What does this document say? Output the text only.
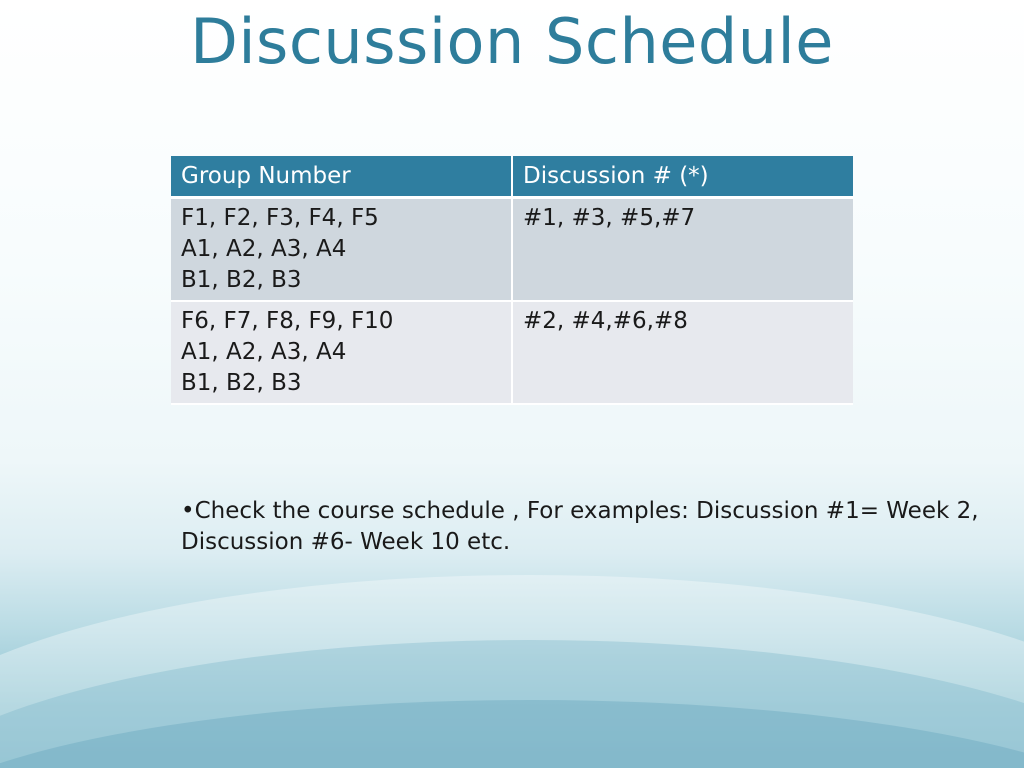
Discussion Schedule
Group Number	Discussion # (*)

F1, F2, F3, F4, F5
A1, A2, A3, A4
B1, B2, B3	#1, #3, #5,#7

F6, F7, F8, F9, F10
A1, A2, A3, A4
B1, B2, B3	#2, #4,#6,#8

•Check the course schedule , For examples: Discussion #1= Week 2,
Discussion #6- Week 10 etc.
